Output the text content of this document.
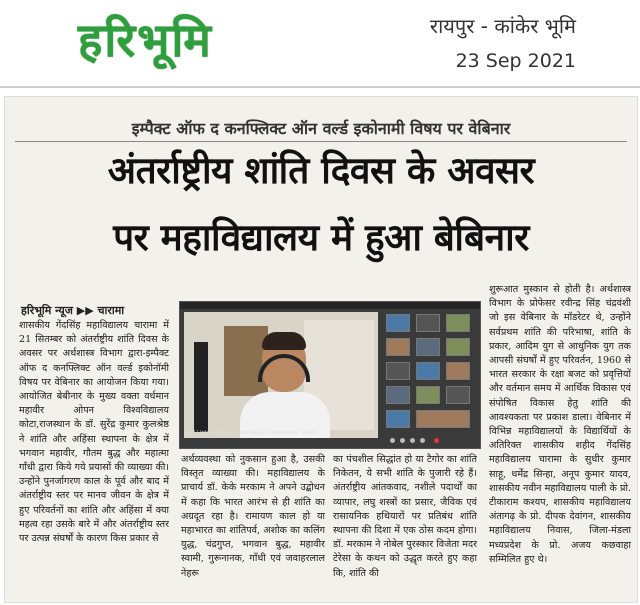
हरिभूमि	रायपुर - कांकेर भूमि
23 Sep 2021
इम्पैक्ट ऑफ द कनफ्लिक्ट ऑन वर्ल्ड इकोनामी विषय पर वेबिनार
अंतर्राष्ट्रीय शांति दिवस के अवसर
पर महाविद्यालय में हुआ बेबिनार
हरिभूमि न्यूज ▶▶ चारामा
शासकीय गेंदसिंह महाविद्यालय चारामा में 21 सितम्बर को अंतर्राष्ट्रीय शांति दिवस के अवसर पर अर्थशास्त्र विभाग द्वारा-इम्पैक्ट ऑफ द कनफ्लिक्ट ऑन वर्ल्ड इकोनॉमी विषय पर वेबिनार का आयोजन किया गया। आयोजित बेबीनार के मुख्य वक्ता वर्धमान महावीर ओपन विश्वविद्यालय कोटा,राजस्थान के डॉ. सुरेंद्र कुमार कुलश्रेष्ठ ने शांति और अहिंसा स्थापना के क्षेत्र में भगवान महावीर, गौतम बुद्ध और महात्मा गाँधी द्वारा किये गये प्रयासों की व्याख्या की। उन्होंने पुनर्जागरण काल के पूर्व और बाद में अंतर्राष्ट्रीय स्तर पर मानव जीवन के क्षेत्र में हुए परिवर्तनों का शांति और अहिंसा में क्या महत्व रहा उसके बारे में और अंतर्राष्ट्रीय स्तर पर उत्पन्न संघर्षों के कारण किस प्रकार से
4:47 | International Peace Day (21 September, 2021)
अर्थव्यवस्था को नुकसान हुआ है, उसकी विस्तृत व्याख्या की। महाविद्यालय के प्राचार्य डॉ. केके मरकाम ने अपने उद्बोधन में कहा कि भारत आरंभ से ही शांति का अग्रदूत रहा है। रामायण काल हो या महाभारत का शांतिपर्व, अशोक का कलिंग युद्ध, चंद्रगुप्त, भगवान बुद्ध, महावीर स्वामी, गुरूनानक, गाँधी एवं जवाहरलाल नेहरू
का पंचशील सिद्धांत हो या टैगोर का शांति निकेतन, ये सभी शांति के पुजारी रहे हैं। अंतर्राष्ट्रीय आंतकवाद, नशीले पदार्थों का व्यापार, लघु शस्त्रों का प्रसार, जैविक एवं रासायनिक हथियारों पर प्रतिबंध शांति स्थापना की दिशा में एक ठोस कदम होगा। डॉ. मरकाम ने नोबेल पुरस्कार विजेता मदर टेरेसा के कथन को उद्धृत करते हुए कहा कि, शांति की
शुरूआत मुस्कान से होती है। अर्थशास्त्र विभाग के प्रोफेसर रवीन्द्र सिंह चंद्रवंशी जो इस वेबिनार के मॉडरेटर थे, उन्होंने सर्वप्रथम शांति की परिभाषा, शांति के प्रकार, आदिम युग से आधुनिक युग तक आपसी संघर्षों में हुए परिवर्तन, 1960 से भारत सरकार के रक्षा बजट को प्रवृत्तियों और वर्तमान समय में आर्थिक विकास एवं संपोषित विकास हेतु शांति की आवश्यकता पर प्रकाश डाला। वेबिनार में विभिन्न महाविद्यालयों के विद्यार्थियों के अतिरिक्त शासकीय शहीद गेंदसिंह महाविद्यालय चारामा के सुधीर कुमार साहू, धर्मेंद्र सिन्हा, अनूप कुमार यादव, शासकीय नवीन महाविद्यालय पाली के प्रो. टीकाराम कश्यप, शासकीय महाविद्यालय अंतागढ़ के प्रो. दीपक देवांगन, शासकीय महाविद्यालय निवास, जिला-मंडला मध्यप्रदेश के प्रो. अजय कछवाहा सम्मिलित हुए थे।
